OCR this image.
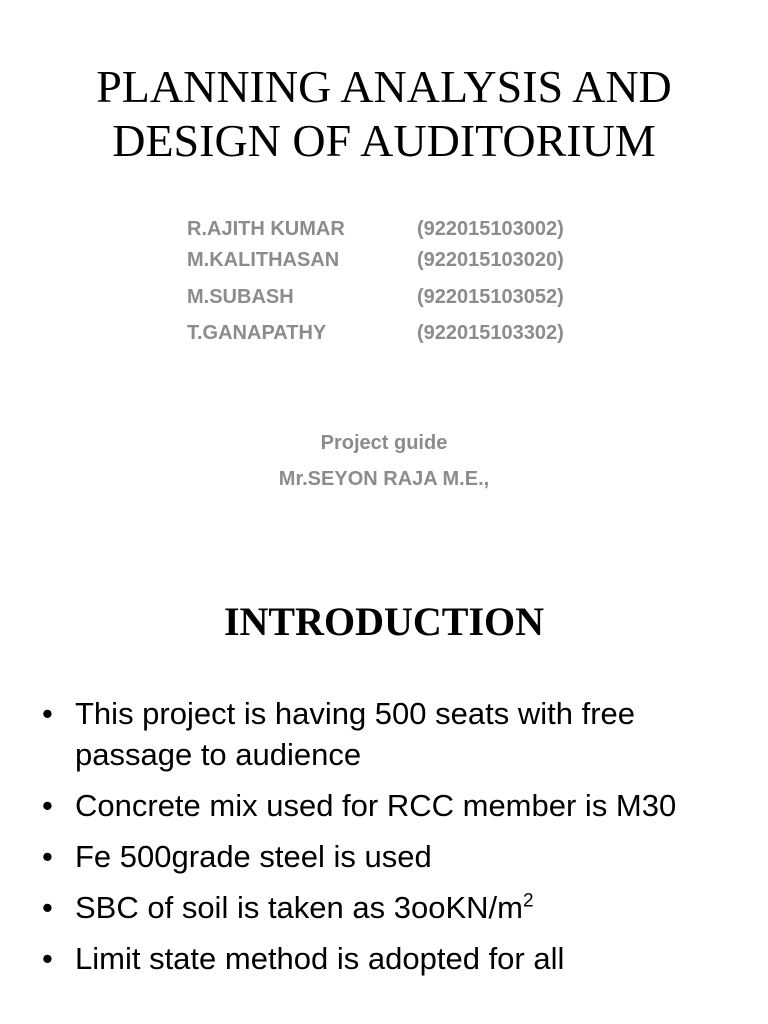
PLANNING ANALYSIS AND
DESIGN OF AUDITORIUM
R.AJITH KUMAR	(922015103002)
M.KALITHASAN	(922015103020)
M.SUBASH	(922015103052)
T.GANAPATHY	(922015103302)
Project guide
Mr.SEYON RAJA M.E.,
INTRODUCTION
• This project is having 500 seats with free passage to audience
• Concrete mix used for RCC member is M30
• Fe 500grade steel is used
• SBC of soil is taken as $3ooKN/m^2$
• Limit state method is adopted for all
